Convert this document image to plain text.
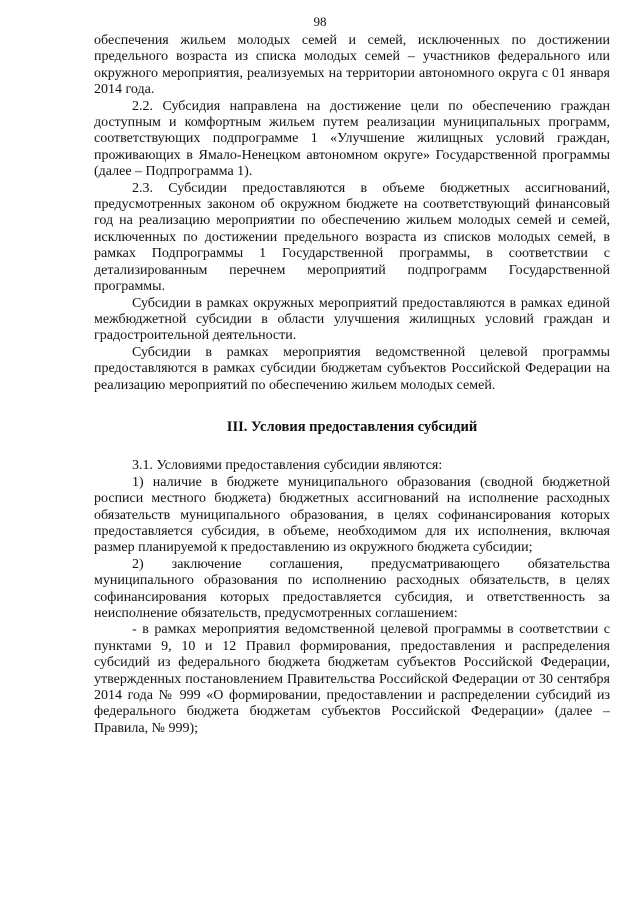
98

обеспечения жильем молодых семей и семей, исключенных по достижении предельного возраста из списка молодых семей – участников федерального или окружного мероприятия, реализуемых на территории автономного округа с 01 января 2014 года.

2.2. Субсидия направлена на достижение цели по обеспечению граждан доступным и комфортным жильем путем реализации муниципальных программ, соответствующих подпрограмме 1 «Улучшение жилищных условий граждан, проживающих в Ямало-Ненецком автономном округе» Государственной программы (далее – Подпрограмма 1).

2.3. Субсидии предоставляются в объеме бюджетных ассигнований, предусмотренных законом об окружном бюджете на соответствующий финансовый год на реализацию мероприятии по обеспечению жильем молодых семей и семей, исключенных по достижении предельного возраста из списков молодых семей, в рамках Подпрограммы 1 Государственной программы, в соответствии с детализированным перечнем мероприятий подпрограмм Государственной программы.

Субсидии в рамках окружных мероприятий предоставляются в рамках единой межбюджетной субсидии в области улучшения жилищных условий граждан и градостроительной деятельности.

Субсидии в рамках мероприятия ведомственной целевой программы предоставляются в рамках субсидии бюджетам субъектов Российской Федерации на реализацию мероприятий по обеспечению жильем молодых семей.

III. Условия предоставления субсидий

3.1. Условиями предоставления субсидии являются:

1) наличие в бюджете муниципального образования (сводной бюджетной росписи местного бюджета) бюджетных ассигнований на исполнение расходных обязательств муниципального образования, в целях софинансирования которых предоставляется субсидия, в объеме, необходимом для их исполнения, включая размер планируемой к предоставлению из окружного бюджета субсидии;

2) заключение соглашения, предусматривающего обязательства муниципального образования по исполнению расходных обязательств, в целях софинансирования которых предоставляется субсидия, и ответственность за неисполнение обязательств, предусмотренных соглашением:

- в рамках мероприятия ведомственной целевой программы в соответствии с пунктами 9, 10 и 12 Правил формирования, предоставления и распределения субсидий из федерального бюджета бюджетам субъектов Российской Федерации, утвержденных постановлением Правительства Российской Федерации от 30 сентября 2014 года № 999 «О формировании, предоставлении и распределении субсидий из федерального бюджета бюджетам субъектов Российской Федерации» (далее – Правила, № 999);
